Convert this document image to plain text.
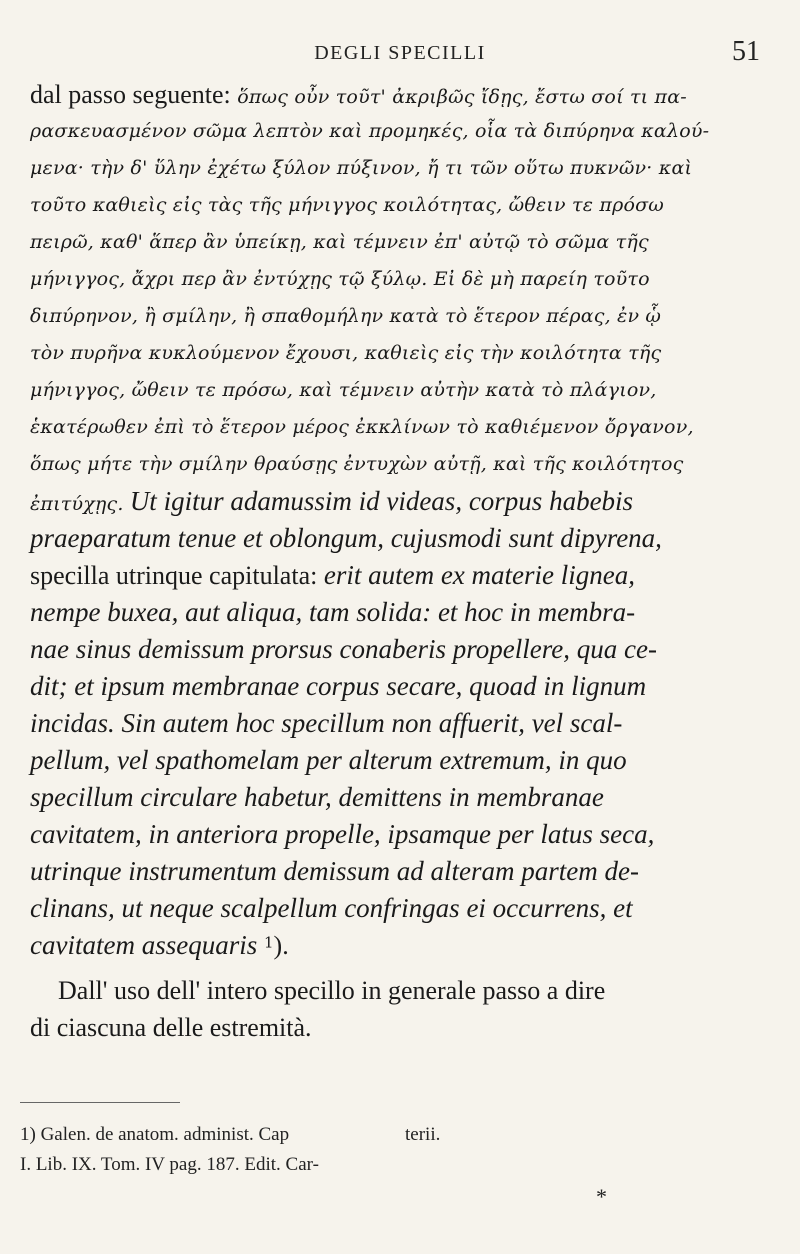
DEGLI SPECILLI	51
dal passo seguente: ὅπως οὖν τοῦτ' ἀκριβῶς ἴδῃς, ἔστω σοί τι πα-
ρασκευασμένον σῶμα λεπτὸν καὶ προμηκές, οἷα τὰ διπύρηνα καλού-
μενα· τὴν δ' ὕλην ἐχέτω ξύλον πύξινον, ἤ τι τῶν οὕτω πυκνῶν· καὶ
τοῦτο καθιεὶς εἰς τὰς τῆς μήνιγγος κοιλότητας, ὤθειν τε πρόσω
πειρῶ, καθ' ἅπερ ἂν ὑπείκῃ, καὶ τέμνειν ἐπ' αὐτῷ τὸ σῶμα τῆς
μήνιγγος, ἄχρι περ ἂν ἐντύχῃς τῷ ξύλῳ. Εἰ δὲ μὴ παρείη τοῦτο
διπύρηνον, ἢ σμίλην, ἢ σπαθομήλην κατὰ τὸ ἕτερον πέρας, ἐν ᾧ
τὸν πυρῆνα κυκλούμενον ἔχουσι, καθιεὶς εἰς τὴν κοιλότητα τῆς
μήνιγγος, ὤθειν τε πρόσω, καὶ τέμνειν αὐτὴν κατὰ τὸ πλάγιον,
ἑκατέρωθεν ἐπὶ τὸ ἕτερον μέρος ἐκκλίνων τὸ καθιέμενον ὄργανον,
ὅπως μήτε τὴν σμίλην θραύσῃς ἐντυχὼν αὐτῇ, καὶ τῆς κοιλότητος
ἐπιτύχῃς. Ut igitur adamussim id videas, corpus habebis
praeparatum tenue et oblongum, cujusmodi sunt dipyrena,
specilla utrinque capitulata: erit autem ex materie lignea,
nempe buxea, aut aliqua, tam solida: et hoc in membra-
nae sinus demissum prorsus conaberis propellere, qua ce-
dit; et ipsum membranae corpus secare, quoad in lignum
incidas. Sin autem hoc specillum non affuerit, vel scal-
pellum, vel spathomelam per alterum extremum, in quo
specillum circulare habetur, demittens in membranae
cavitatem, in anteriora propelle, ipsamque per latus seca,
utrinque instrumentum demissum ad alteram partem de-
clinans, ut neque scalpellum confringas ei occurrens, et
cavitatem assequaris 1).
Dall' uso dell' intero specillo in generale passo a dire
di ciascuna delle estremità.
1) Galen. de anatom. administ. Cap	terii.
I. Lib. IX. Tom. IV pag. 187. Edit. Car-
*
